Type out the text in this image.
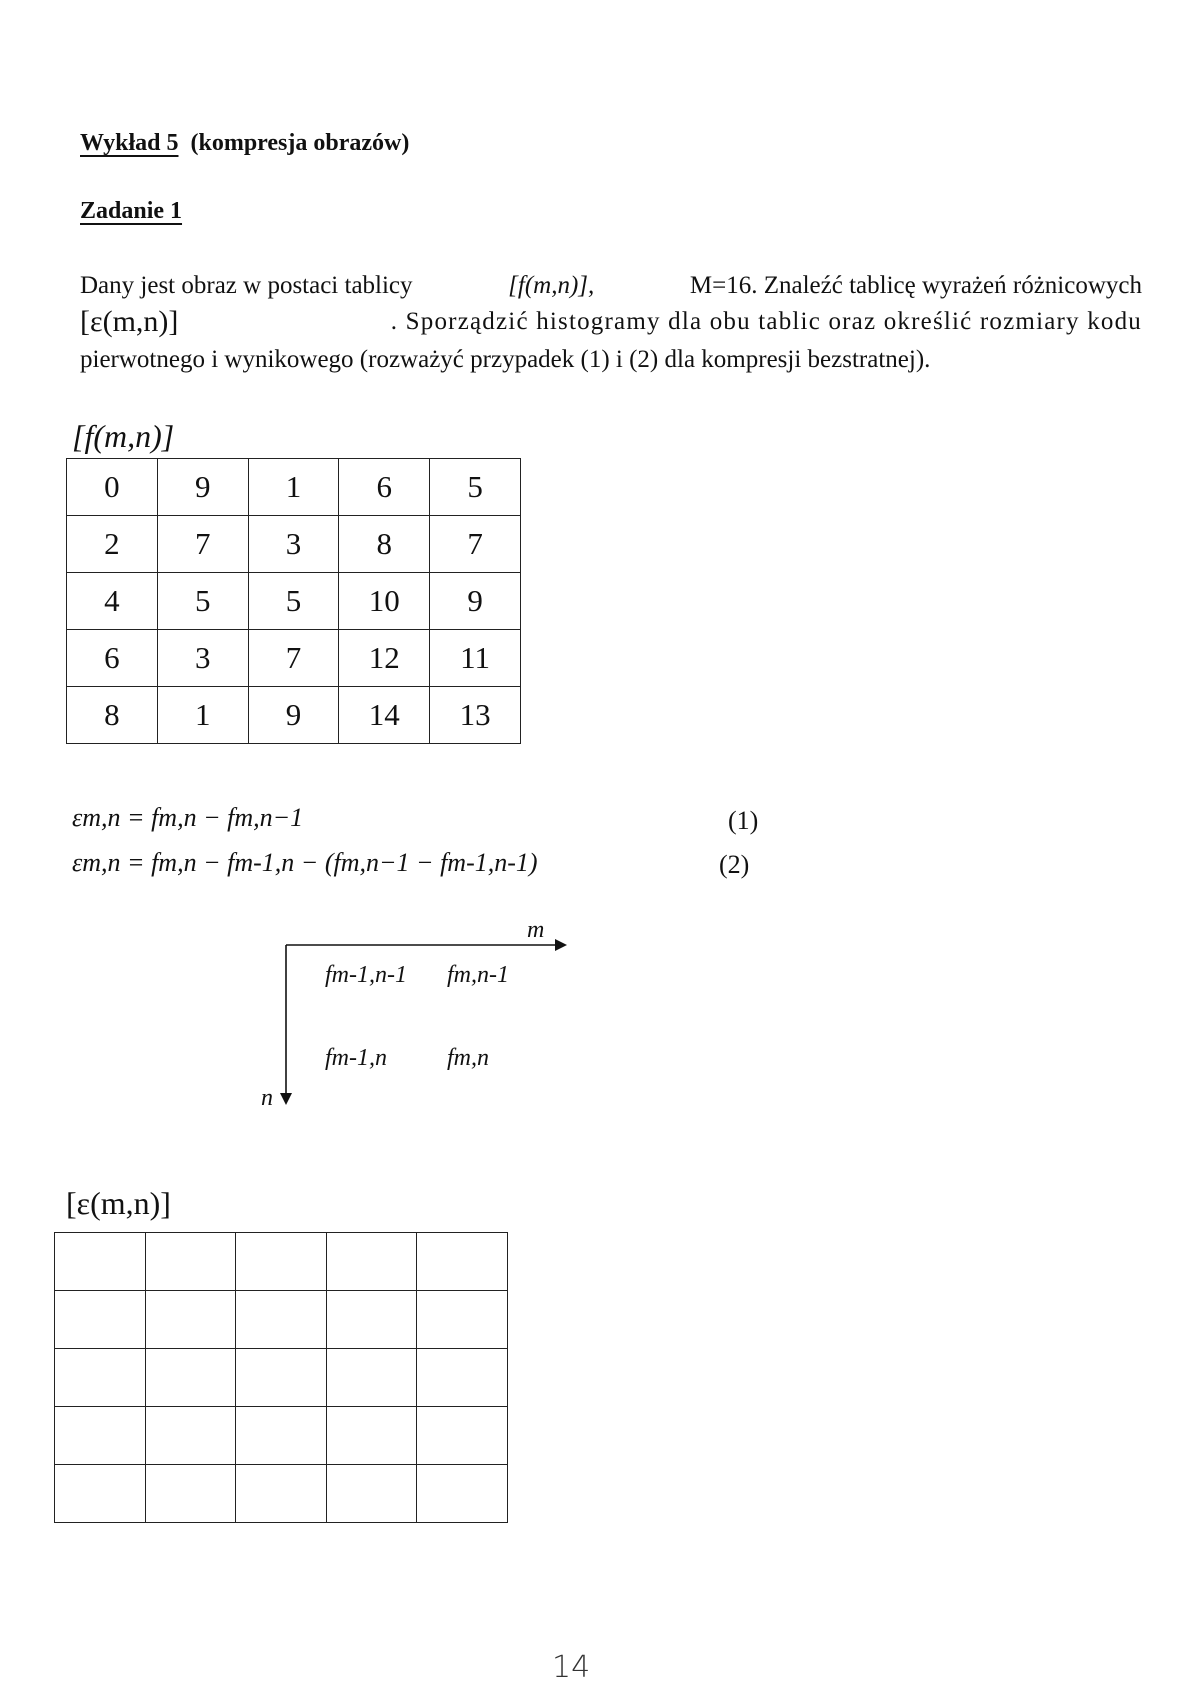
Wykład 5 (kompresja obrazów)
Zadanie 1
Dany jest obraz w postaci tablicy	[f(m,n)],	M=16. Znaleźć tablicę wyrażeń różnicowych
[ε(m,n)]	. Sporządzić histogramy dla obu tablic oraz określić rozmiary kodu
pierwotnego i wynikowego (rozważyć przypadek (1) i (2) dla kompresji bezstratnej).
[f(m,n)]
0	9	1	6	5
2	7	3	8	7
4	5	5	10	9
6	3	7	12	11
8	1	9	14	13
εm,n = fm,n − fm,n−1	(1)
εm,n = fm,n − fm-1,n − (fm,n−1 − fm-1,n-1)	(2)
m
n
fm-1,n-1 fm,n-1
fm-1,n	fm,n
[ε(m,n)]

14
